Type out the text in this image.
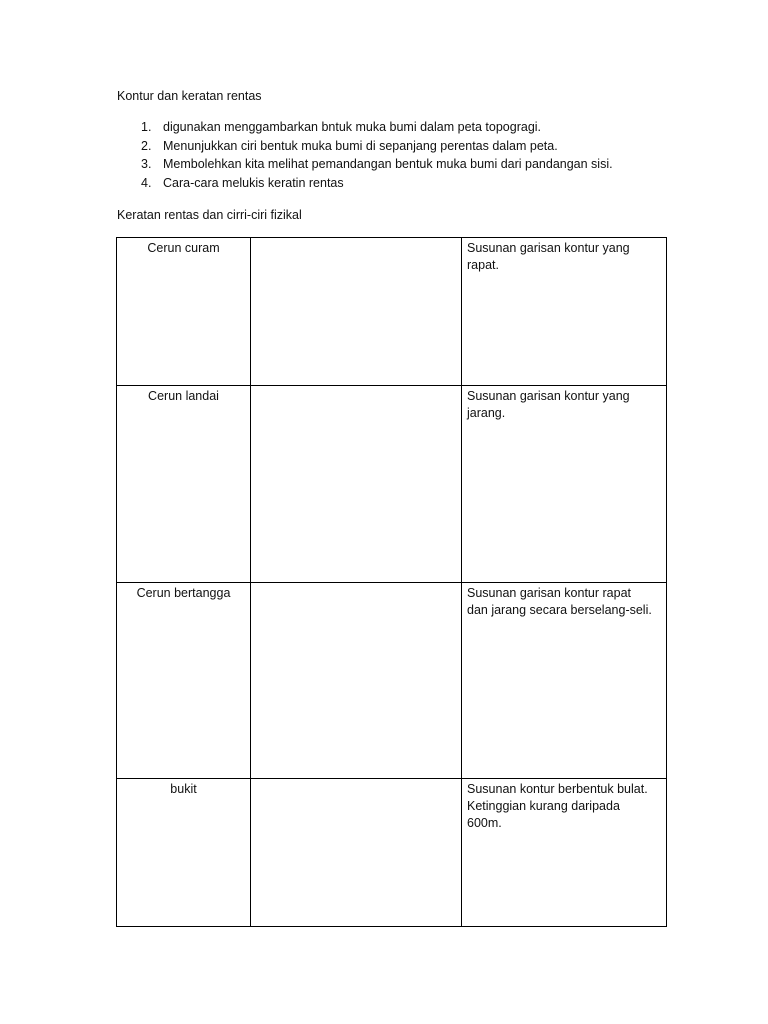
Kontur dan keratan rentas
1. digunakan menggambarkan bntuk muka bumi dalam peta topogragi.
2. Menunjukkan ciri bentuk muka bumi di sepanjang perentas dalam peta.
3. Membolehkan kita melihat pemandangan bentuk muka bumi dari pandangan sisi.
4. Cara-cara melukis keratin rentas
Keratan rentas dan cirri-ciri fizikal
Cerun curam		Susunan garisan kontur yang
rapat.
Cerun landai		Susunan garisan kontur yang
jarang.
Cerun bertangga		Susunan garisan kontur rapat
dan jarang secara berselang-seli.
bukit		Susunan kontur berbentuk bulat.
Ketinggian kurang daripada
600m.
